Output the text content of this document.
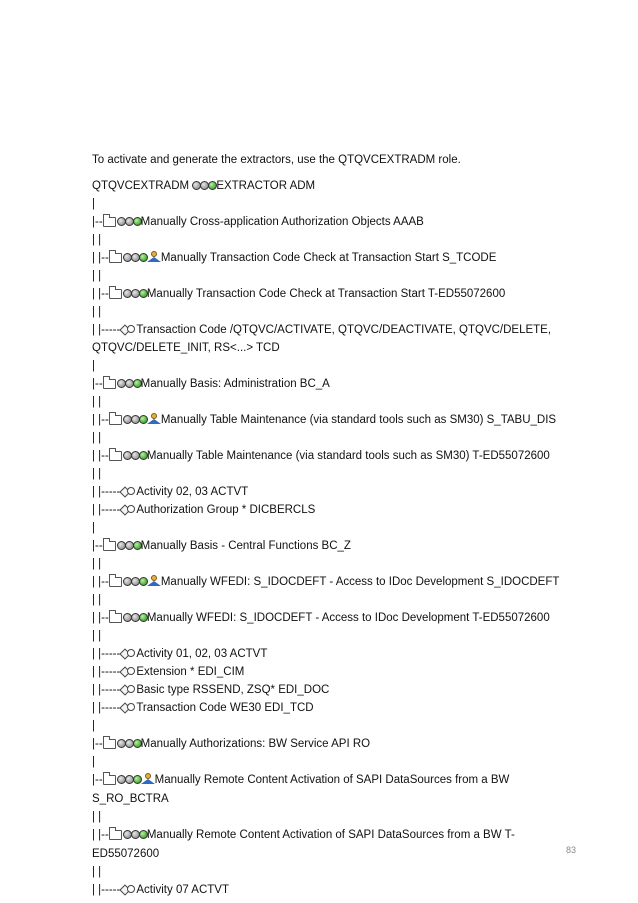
To activate and generate the extractors, use the QTQVCEXTRADM role.
QTQVCEXTRADM EXTRACTOR ADM
|
|--	Manually Cross-application Authorization Objects AAAB
| |
| |--	Manually Transaction Code Check at Transaction Start S_TCODE
| |
| |--	Manually Transaction Code Check at Transaction Start T-ED55072600
| |
| |----- Transaction Code /QTQVC/ACTIVATE, QTQVC/DEACTIVATE, QTQVC/DELETE, QTQVC/DELETE_INIT, RS<...> TCD
|
|--	Manually Basis: Administration BC_A
| |
| |--	Manually Table Maintenance (via standard tools such as SM30) S_TABU_DIS
| |
| |--	Manually Table Maintenance (via standard tools such as SM30) T-ED55072600
| |
| |----- Activity 02, 03 ACTVT
| |----- Authorization Group * DICBERCLS
|
|--	Manually Basis - Central Functions BC_Z
| |
| |--	Manually WFEDI: S_IDOCDEFT - Access to IDoc Development S_IDOCDEFT
| |
| |--	Manually WFEDI: S_IDOCDEFT - Access to IDoc Development T-ED55072600
| |
| |----- Activity 01, 02, 03 ACTVT
| |----- Extension * EDI_CIM
| |----- Basic type RSSEND, ZSQ* EDI_DOC
| |----- Transaction Code WE30 EDI_TCD
|
|--	Manually Authorizations: BW Service API RO
|
|--	Manually Remote Content Activation of SAPI DataSources from a BW S_RO_BCTRA
| |
| |--	Manually Remote Content Activation of SAPI DataSources from a BW T-ED55072600
| |
| |----- Activity 07 ACTVT
83
